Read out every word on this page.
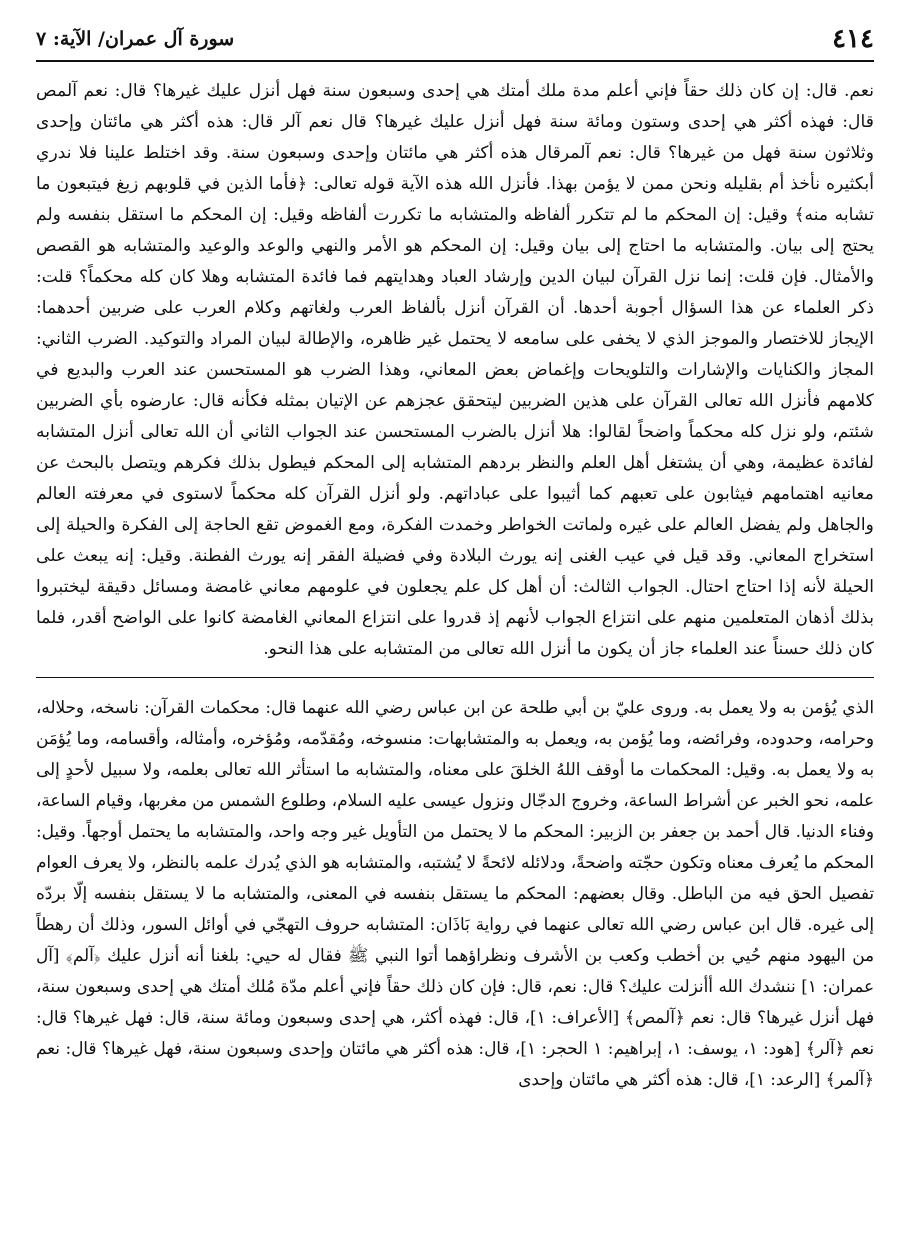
٤١٤
سورة آل عمران/ الآية: ٧

نعم. قال: إن كان ذلك حقاً فإني أعلم مدة ملك أمتك هي إحدى وسبعون سنة فهل أنزل عليك غيرها؟ قال: نعم آلمص قال: فهذه أكثر هي إحدى وستون ومائة سنة فهل أنزل عليك غيرها؟ قال نعم آلر قال: هذه أكثر هي مائتان وإحدى وثلاثون سنة فهل من غيرها؟ قال: نعم آلمرقال هذه أكثر هي مائتان وإحدى وسبعون سنة. وقد اختلط علينا فلا ندري أبكثيره نأخذ أم بقليله ونحن ممن لا يؤمن بهذا. فأنزل الله هذه الآية قوله تعالى: ﴿فأما الذين في قلوبهم زيغ فيتبعون ما تشابه منه﴾ وقيل: إن المحكم ما لم تتكرر ألفاظه والمتشابه ما تكررت ألفاظه وقيل: إن المحكم ما استقل بنفسه ولم يحتج إلى بيان. والمتشابه ما احتاج إلى بيان وقيل: إن المحكم هو الأمر والنهي والوعد والوعيد والمتشابه هو القصص والأمثال. فإن قلت: إنما نزل القرآن لبيان الدين وإرشاد العباد وهدايتهم فما فائدة المتشابه وهلا كان كله محكماً؟ قلت: ذكر العلماء عن هذا السؤال أجوبة أحدها. أن القرآن أنزل بألفاظ العرب ولغاتهم وكلام العرب على ضربين أحدهما: الإيجاز للاختصار والموجز الذي لا يخفى على سامعه لا يحتمل غير ظاهره، والإطالة لبيان المراد والتوكيد. الضرب الثاني: المجاز والكنايات والإشارات والتلويحات وإغماض بعض المعاني، وهذا الضرب هو المستحسن عند العرب والبديع في كلامهم فأنزل الله تعالى القرآن على هذين الضربين ليتحقق عجزهم عن الإتيان بمثله فكأنه قال: عارضوه بأي الضربين شئتم، ولو نزل كله محكماً واضحاً لقالوا: هلا أنزل بالضرب المستحسن عند الجواب الثاني أن الله تعالى أنزل المتشابه لفائدة عظيمة، وهي أن يشتغل أهل العلم والنظر بردهم المتشابه إلى المحكم فيطول بذلك فكرهم ويتصل بالبحث عن معانيه اهتمامهم فيثابون على تعبهم كما أثيبوا على عباداتهم. ولو أنزل القرآن كله محكماً لاستوى في معرفته العالم والجاهل ولم يفضل العالم على غيره ولماتت الخواطر وخمدت الفكرة، ومع الغموض تقع الحاجة إلى الفكرة والحيلة إلى استخراج المعاني. وقد قيل في عيب الغنى إنه يورث البلادة وفي فضيلة الفقر إنه يورث الفطنة. وقيل: إنه يبعث على الحيلة لأنه إذا احتاج احتال. الجواب الثالث: أن أهل كل علم يجعلون في علومهم معاني غامضة ومسائل دقيقة ليختبروا بذلك أذهان المتعلمين منهم على انتزاع الجواب لأنهم إذ قدروا على انتزاع المعاني الغامضة كانوا على الواضح أقدر، فلما كان ذلك حسناً عند العلماء جاز أن يكون ما أنزل الله تعالى من المتشابه على هذا النحو.

الذي يُؤمن به ولا يعمل به. وروى عليّ بن أبي طلحة عن ابن عباس رضي الله عنهما قال: محكمات القرآن: ناسخه، وحلاله، وحرامه، وحدوده، وفرائضه، وما يُؤمن به، ويعمل به والمتشابهات: منسوخه، ومُقدّمه، ومُؤخره، وأمثاله، وأقسامه، وما يُؤمَن به ولا يعمل به. وقيل: المحكمات ما أوقف اللهُ الخلقَ على معناه، والمتشابه ما استأثر الله تعالى بعلمه، ولا سبيل لأحدٍ إلى علمه، نحو الخبر عن أشراط الساعة، وخروج الدجّال ونزول عيسى عليه السلام، وطلوع الشمس من مغربها، وقيام الساعة، وفناء الدنيا. قال أحمد بن جعفر بن الزبير: المحكم ما لا يحتمل من التأويل غير وجه واحد، والمتشابه ما يحتمل أوجهاً. وقيل: المحكم ما يُعرف معناه وتكون حجّته واضحةً، ودلائله لائحةً لا يُشتبه، والمتشابه هو الذي يُدرك علمه بالنظر، ولا يعرف العوام تفصيل الحق فيه من الباطل. وقال بعضهم: المحكم ما يستقل بنفسه في المعنى، والمتشابه ما لا يستقل بنفسه إلّا بردّه إلى غيره. قال ابن عباس رضي الله تعالى عنهما في رواية بَاذَان: المتشابه حروف التهجّي في أوائل السور، وذلك أن رهطاً من اليهود منهم حُيي بن أخطب وكعب بن الأشرف ونظراؤهما أتوا النبي ﷺ فقال له حيي: بلغنا أنه أنزل عليك ﴿آلم﴾ [آل عمران: ١] ننشدك الله أأنزلت عليك؟ قال: نعم، قال: فإن كان ذلك حقاً فإني أعلم مدّة مُلك أمتك هي إحدى وسبعون سنة، فهل أنزل غيرها؟ قال: نعم ﴿آلمص﴾ [الأعراف: ١]، قال: فهذه أكثر، هي إحدى وسبعون ومائة سنة، قال: فهل غيرها؟ قال: نعم ﴿آلر﴾ [هود: ١، يوسف: ١، إبراهيم: ١ الحجر: ١]، قال: هذه أكثر هي مائتان وإحدى وسبعون سنة، فهل غيرها؟ قال: نعم ﴿آلمر﴾ [الرعد: ١]، قال: هذه أكثر هي مائتان وإحدى
